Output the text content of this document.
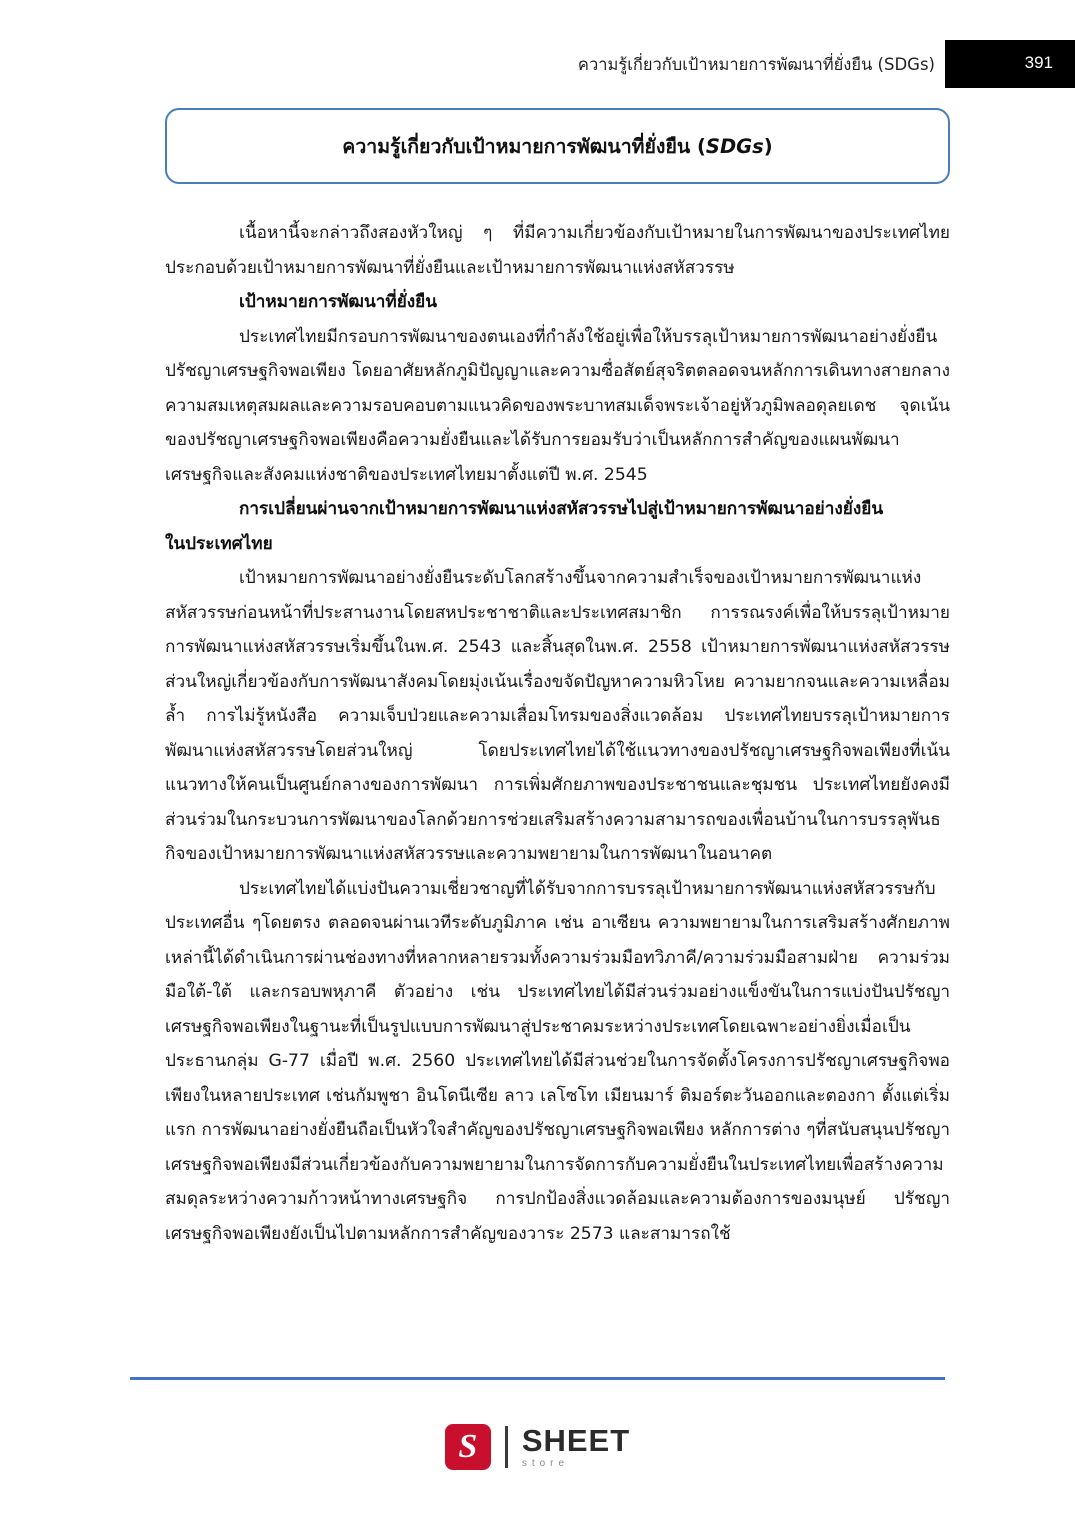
ความรู้เกี่ยวกับเป้าหมายการพัฒนาที่ยั่งยืน (SDGs)	391
ความรู้เกี่ยวกับเป้าหมายการพัฒนาที่ยั่งยืน (SDGs)

เนื้อหานี้จะกล่าวถึงสองหัวใหญ่ ๆ ที่มีความเกี่ยวข้องกับเป้าหมายในการพัฒนาของประเทศไทย ประกอบด้วยเป้าหมายการพัฒนาที่ยั่งยืนและเป้าหมายการพัฒนาแห่งสหัสวรรษ

เป้าหมายการพัฒนาที่ยั่งยืน

ประเทศไทยมีกรอบการพัฒนาของตนเองที่กำลังใช้อยู่เพื่อให้บรรลุเป้าหมายการพัฒนาอย่างยั่งยืน ปรัชญาเศรษฐกิจพอเพียง โดยอาศัยหลักภูมิปัญญาและความซื่อสัตย์สุจริตตลอดจนหลักการเดินทางสายกลาง ความสมเหตุสมผลและความรอบคอบตามแนวคิดของพระบาทสมเด็จพระเจ้าอยู่หัวภูมิพลอดุลยเดช จุดเน้นของปรัชญาเศรษฐกิจพอเพียงคือความยั่งยืนและได้รับการยอมรับว่าเป็นหลักการสำคัญของแผนพัฒนาเศรษฐกิจและสังคมแห่งชาติของประเทศไทยมาตั้งแต่ปี พ.ศ. 2545

การเปลี่ยนผ่านจากเป้าหมายการพัฒนาแห่งสหัสวรรษไปสู่เป้าหมายการพัฒนาอย่างยั่งยืน

ในประเทศไทย

เป้าหมายการพัฒนาอย่างยั่งยืนระดับโลกสร้างขึ้นจากความสำเร็จของเป้าหมายการพัฒนาแห่งสหัสวรรษก่อนหน้าที่ประสานงานโดยสหประชาชาติและประเทศสมาชิก การรณรงค์เพื่อให้บรรลุเป้าหมายการพัฒนาแห่งสหัสวรรษเริ่มขึ้นในพ.ศ. 2543 และสิ้นสุดในพ.ศ. 2558 เป้าหมายการพัฒนาแห่งสหัสวรรษส่วนใหญ่เกี่ยวข้องกับการพัฒนาสังคมโดยมุ่งเน้นเรื่องขจัดปัญหาความหิวโหย ความยากจนและความเหลื่อมล้ำ การไม่รู้หนังสือ ความเจ็บป่วยและความเสื่อมโทรมของสิ่งแวดล้อม ประเทศไทยบรรลุเป้าหมายการพัฒนาแห่งสหัสวรรษโดยส่วนใหญ่ โดยประเทศไทยได้ใช้แนวทางของปรัชญาเศรษฐกิจพอเพียงที่เน้นแนวทางให้คนเป็นศูนย์กลางของการพัฒนา การเพิ่มศักยภาพของประชาชนและชุมชน ประเทศไทยยังคงมีส่วนร่วมในกระบวนการพัฒนาของโลกด้วยการช่วยเสริมสร้างความสามารถของเพื่อนบ้านในการบรรลุพันธกิจของเป้าหมายการพัฒนาแห่งสหัสวรรษและความพยายามในการพัฒนาในอนาคต

ประเทศไทยได้แบ่งปันความเชี่ยวชาญที่ได้รับจากการบรรลุเป้าหมายการพัฒนาแห่งสหัสวรรษกับประเทศอื่น ๆโดยตรง ตลอดจนผ่านเวทีระดับภูมิภาค เช่น อาเซียน ความพยายามในการเสริมสร้างศักยภาพเหล่านี้ได้ดำเนินการผ่านช่องทางที่หลากหลายรวมทั้งความร่วมมือทวิภาคี/ความร่วมมือสามฝ่าย ความร่วมมือใต้-ใต้ และกรอบพหุภาคี ตัวอย่าง เช่น ประเทศไทยได้มีส่วนร่วมอย่างแข็งขันในการแบ่งปันปรัชญาเศรษฐกิจพอเพียงในฐานะที่เป็นรูปแบบการพัฒนาสู่ประชาคมระหว่างประเทศโดยเฉพาะอย่างยิ่งเมื่อเป็นประธานกลุ่ม G-77 เมื่อปี พ.ศ. 2560 ประเทศไทยได้มีส่วนช่วยในการจัดตั้งโครงการปรัชญาเศรษฐกิจพอเพียงในหลายประเทศ เช่นกัมพูชา อินโดนีเซีย ลาว เลโซโท เมียนมาร์ ติมอร์ตะวันออกและตองกา ตั้งแต่เริ่มแรก การพัฒนาอย่างยั่งยืนถือเป็นหัวใจสำคัญของปรัชญาเศรษฐกิจพอเพียง หลักการต่าง ๆที่สนับสนุนปรัชญาเศรษฐกิจพอเพียงมีส่วนเกี่ยวข้องกับความพยายามในการจัดการกับความยั่งยืนในประเทศไทยเพื่อสร้างความสมดุลระหว่างความก้าวหน้าทางเศรษฐกิจ การปกป้องสิ่งแวดล้อมและความต้องการของมนุษย์ ปรัชญาเศรษฐกิจพอเพียงยังเป็นไปตามหลักการสำคัญของวาระ 2573 และสามารถใช้

S	SHEET
store
